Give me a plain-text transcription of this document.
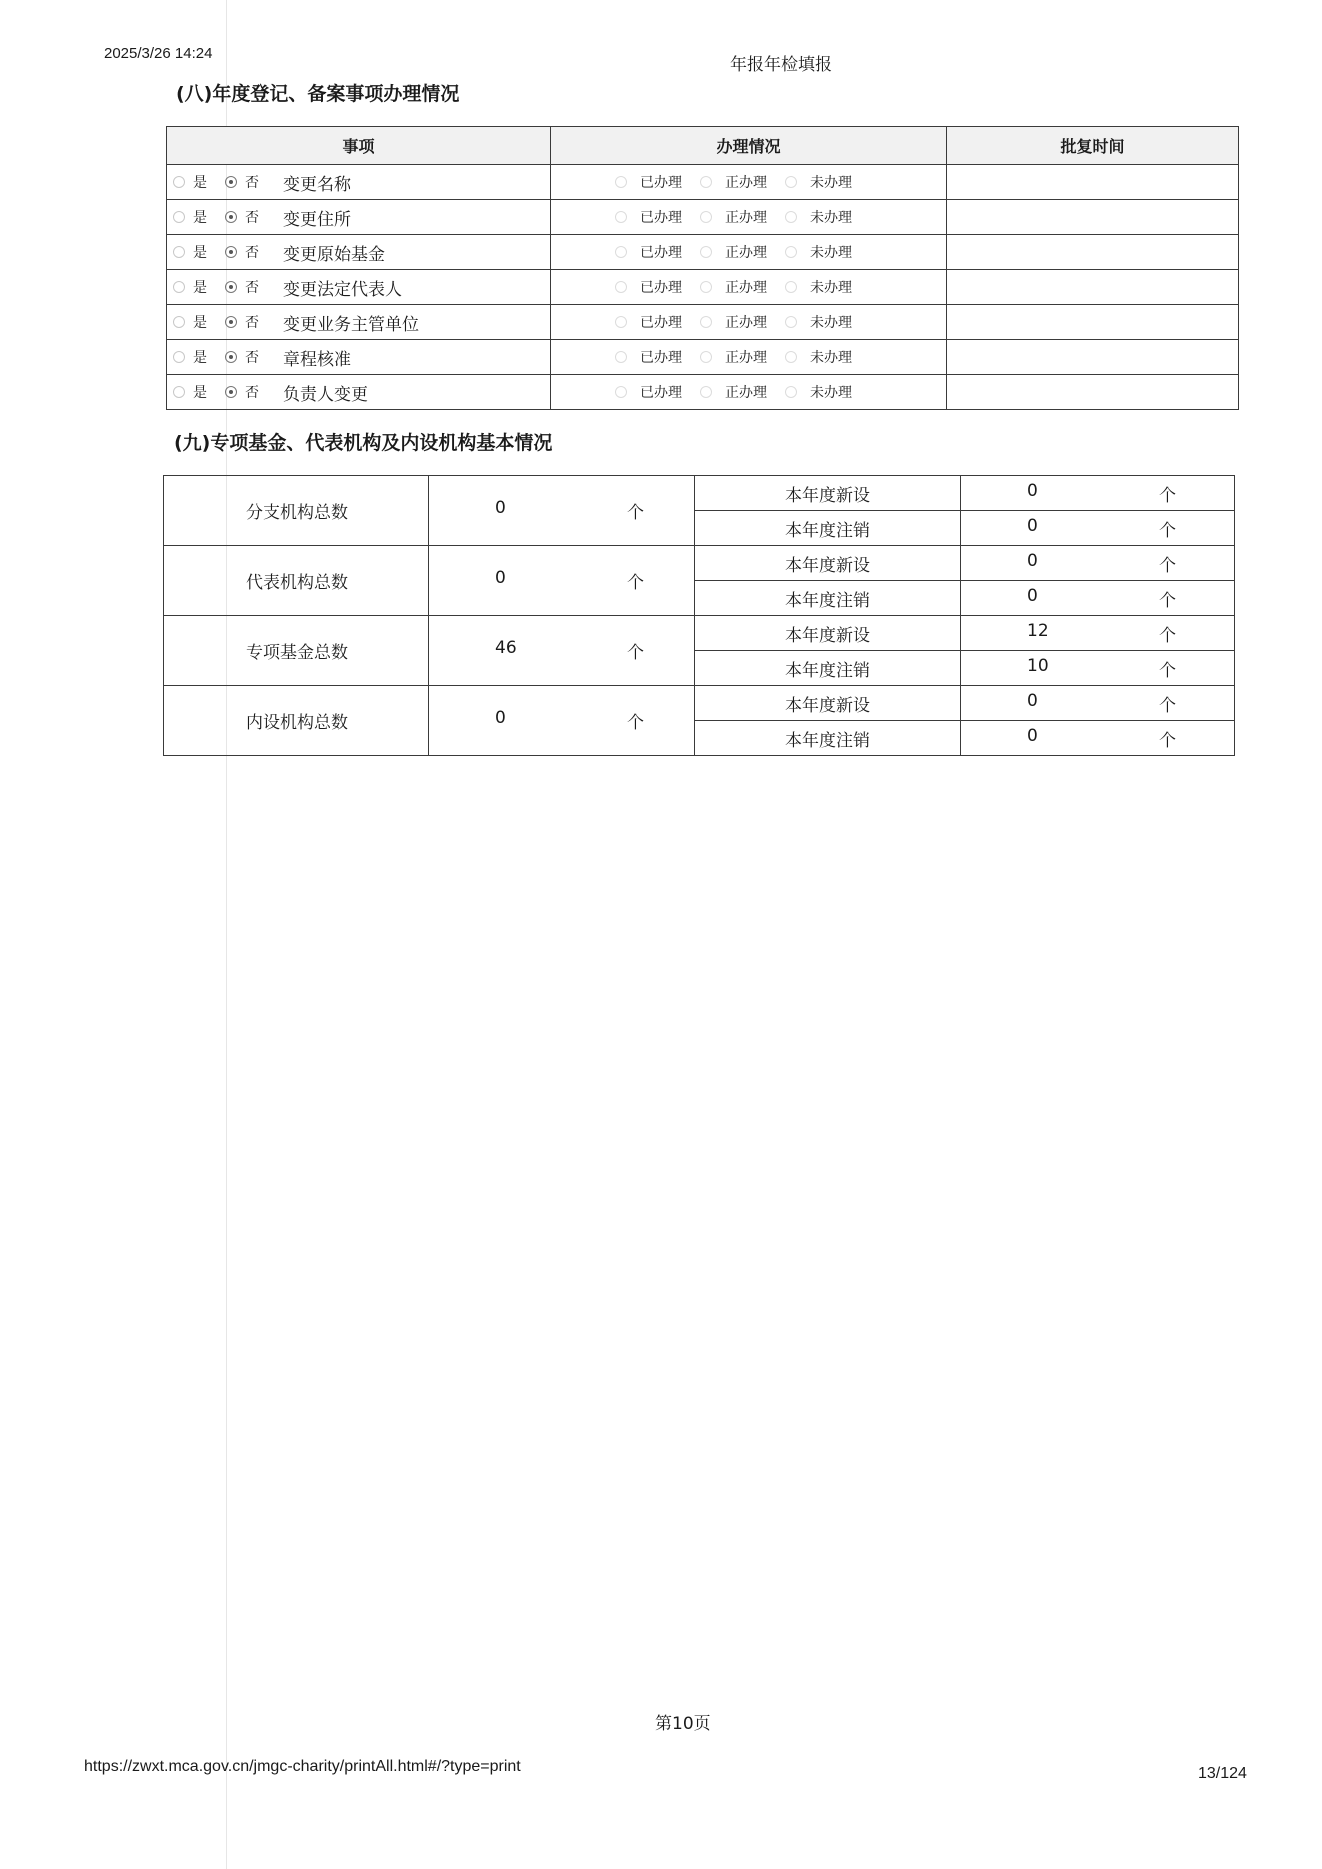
2025/3/26 14:24
年报年检填报
(八)年度登记、备案事项办理情况
事项	办理情况	批复时间

是 否 变更名称	已办理 正办理 未办理	

是 否 变更住所	已办理 正办理 未办理	

是 否 变更原始基金	已办理 正办理 未办理	

是 否 变更法定代表人	已办理 正办理 未办理	

是 否 变更业务主管单位	已办理 正办理 未办理	

是 否 章程核准	已办理 正办理 未办理	

是 否 负责人变更	已办理 正办理 未办理	

(九)专项基金、代表机构及内设机构基本情况
分支机构总数	0 个	本年度新设	0 个

		本年度注销	0 个

代表机构总数	0 个	本年度新设	0 个

		本年度注销	0 个

专项基金总数	46 个	本年度新设	12 个

		本年度注销	10 个

内设机构总数	0 个	本年度新设	0 个

		本年度注销	0 个
第10页
https://zwxt.mca.gov.cn/jmgc-charity/printAll.html#/?type=print	13/124
